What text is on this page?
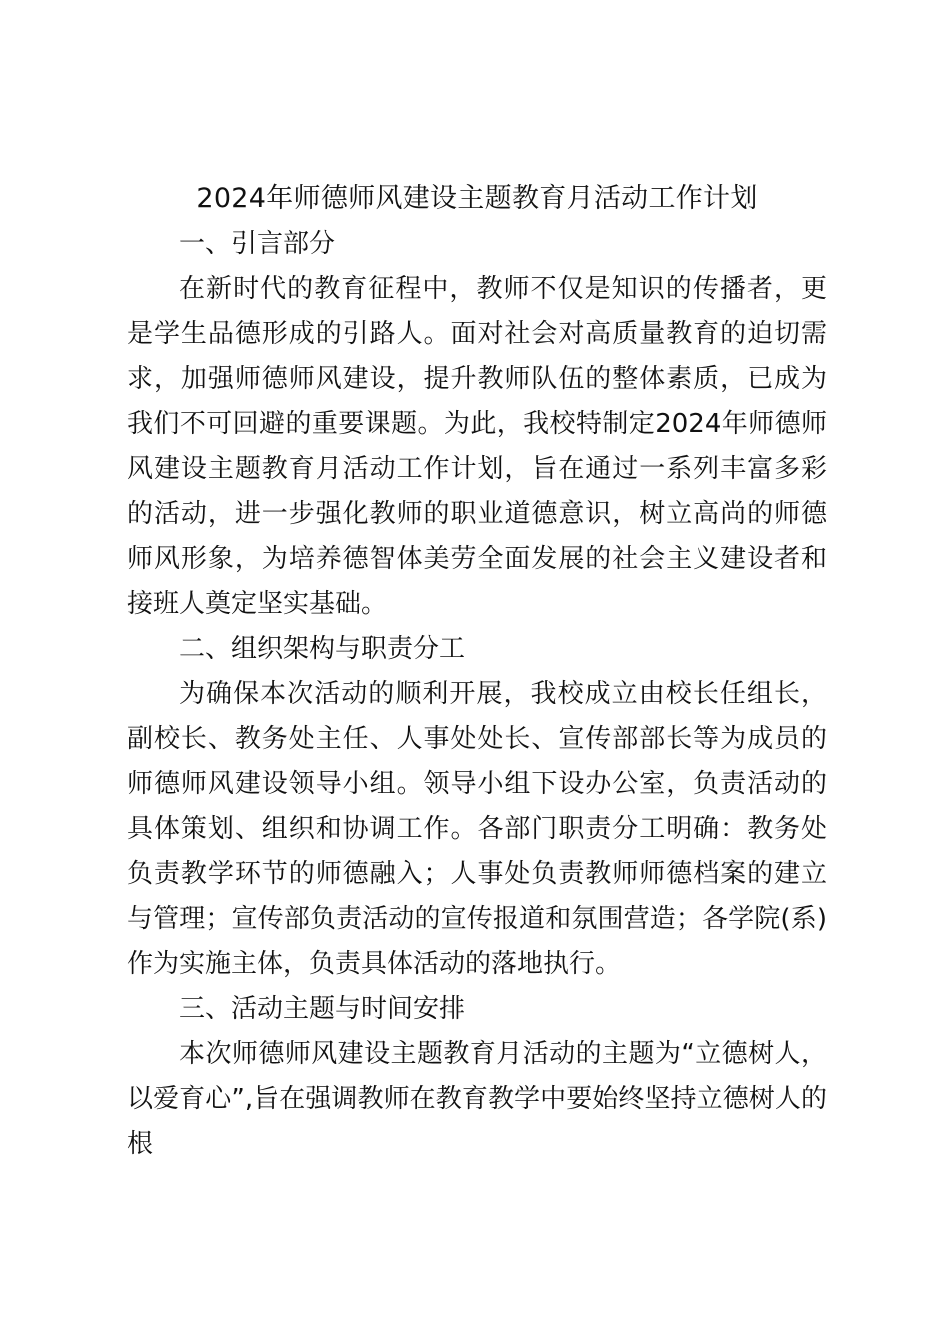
2024年师德师风建设主题教育月活动工作计划
一、引言部分

在新时代的教育征程中，教师不仅是知识的传播者，更是学生品德形成的引路人。面对社会对高质量教育的迫切需求，加强师德师风建设，提升教师队伍的整体素质，已成为我们不可回避的重要课题。为此，我校特制定2024年师德师风建设主题教育月活动工作计划，旨在通过一系列丰富多彩的活动，进一步强化教师的职业道德意识，树立高尚的师德师风形象，为培养德智体美劳全面发展的社会主义建设者和接班人奠定坚实基础。

二、组织架构与职责分工

为确保本次活动的顺利开展，我校成立由校长任组长，副校长、教务处主任、人事处处长、宣传部部长等为成员的师德师风建设领导小组。领导小组下设办公室，负责活动的具体策划、组织和协调工作。各部门职责分工明确：教务处负责教学环节的师德融入；人事处负责教师师德档案的建立与管理；宣传部负责活动的宣传报道和氛围营造；各学院(系)作为实施主体，负责具体活动的落地执行。

三、活动主题与时间安排

本次师德师风建设主题教育月活动的主题为“立德树人，以爱育心”,旨在强调教师在教育教学中要始终坚持立德树人的根
